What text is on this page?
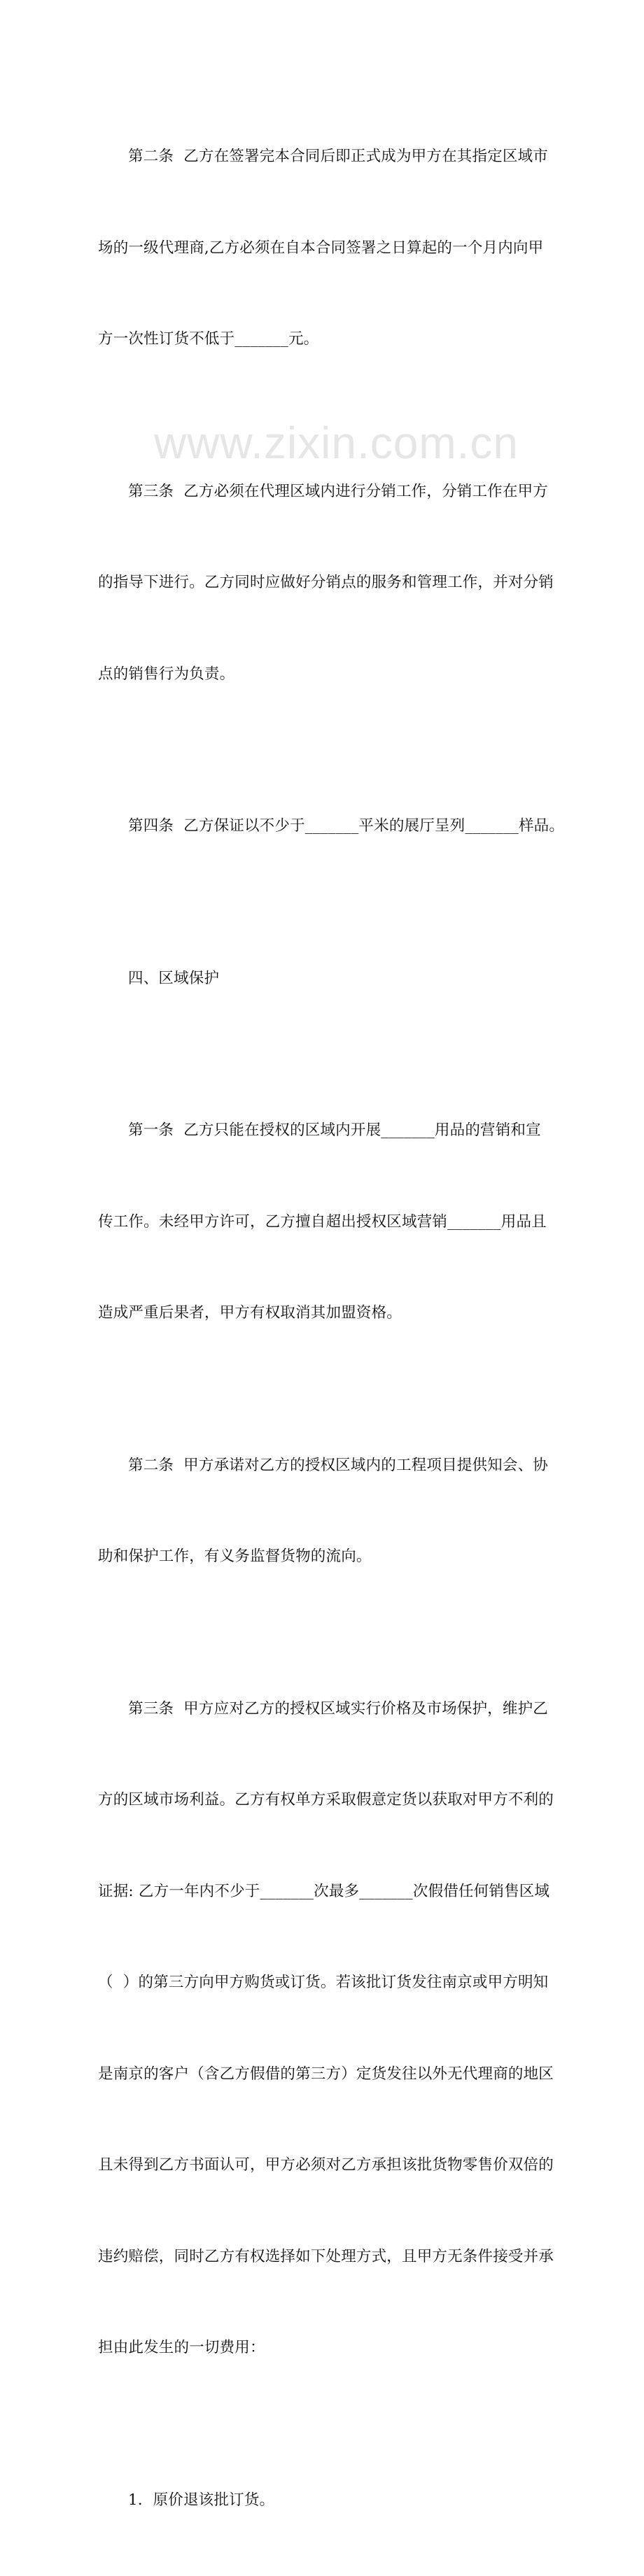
www.zixin.com.cn

第二条  乙方在签署完本合同后即正式成为甲方在其指定区域市

场的一级代理商,乙方必须在自本合同签署之日算起的一个月内向甲

方一次性订货不低于_______元。

第三条  乙方必须在代理区域内进行分销工作，分销工作在甲方

的指导下进行。乙方同时应做好分销点的服务和管理工作，并对分销

点的销售行为负责。

第四条  乙方保证以不少于_______平米的展厅呈列_______样品。

四、区域保护

第一条  乙方只能在授权的区域内开展_______用品的营销和宣

传工作。未经甲方许可，乙方擅自超出授权区域营销_______用品且

造成严重后果者，甲方有权取消其加盟资格。

第二条  甲方承诺对乙方的授权区域内的工程项目提供知会、协

助和保护工作，有义务监督货物的流向。

第三条  甲方应对乙方的授权区域实行价格及市场保护，维护乙

方的区域市场利益。乙方有权单方采取假意定货以获取对甲方不利的

证据: 乙方一年内不少于_______次最多_______次假借任何销售区域

（  ）的第三方向甲方购货或订货。若该批订货发往南京或甲方明知

是南京的客户（含乙方假借的第三方）定货发往以外无代理商的地区

且未得到乙方书面认可，甲方必须对乙方承担该批货物零售价双倍的

违约赔偿，同时乙方有权选择如下处理方式，且甲方无条件接受并承

担由此发生的一切费用：

1．原价退该批订货。
